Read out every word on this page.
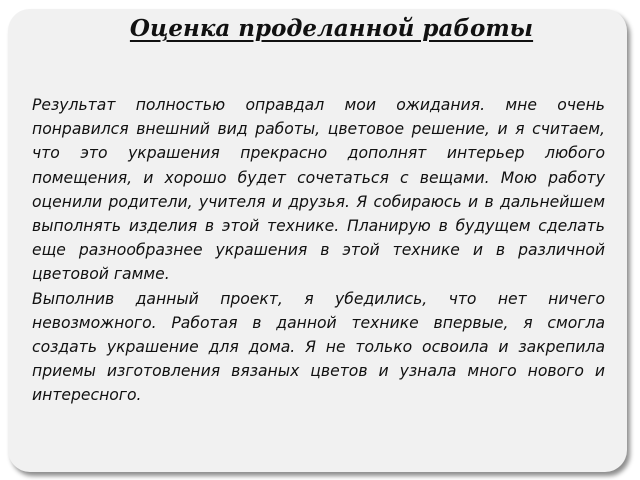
Оценка проделанной работы

Результат полностью оправдал мои ожидания. мне очень понравился внешний вид работы, цветовое решение, и я считаем, что это украшения прекрасно дополнят интерьер любого помещения, и хорошо будет сочетаться с вещами. Мою работу оценили родители, учителя и друзья. Я собираюсь и в дальнейшем выполнять изделия в этой технике. Планирую в будущем сделать еще разнообразнее украшения в этой технике и в различной цветовой гамме.

Выполнив данный проект, я убедились, что нет ничего невозможного. Работая в данной технике впервые, я смогла создать украшение для дома. Я не только освоила и закрепила приемы изготовления вязаных цветов и узнала много нового и интересного.
